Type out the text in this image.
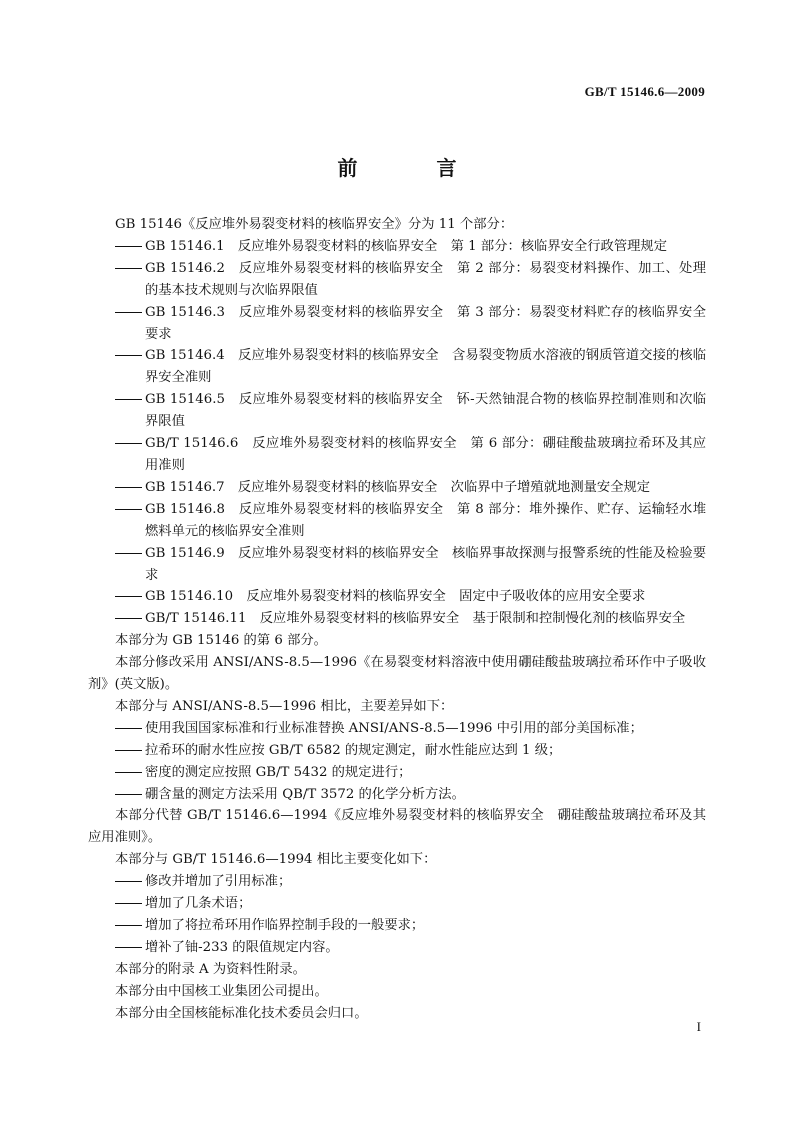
GB/T 15146.6—2009
前 言

GB 15146《反应堆外易裂变材料的核临界安全》分为 11 个部分：

GB 15146.1　反应堆外易裂变材料的核临界安全　第 1 部分：核临界安全行政管理规定

GB 15146.2　反应堆外易裂变材料的核临界安全　第 2 部分：易裂变材料操作、加工、处理的基本技术规则与次临界限值

GB 15146.3　反应堆外易裂变材料的核临界安全　第 3 部分：易裂变材料贮存的核临界安全要求

GB 15146.4　反应堆外易裂变材料的核临界安全　含易裂变物质水溶液的钢质管道交接的核临界安全准则

GB 15146.5　反应堆外易裂变材料的核临界安全　钚-天然铀混合物的核临界控制准则和次临界限值

GB/T 15146.6　反应堆外易裂变材料的核临界安全　第 6 部分：硼硅酸盐玻璃拉希环及其应用准则

GB 15146.7　反应堆外易裂变材料的核临界安全　次临界中子增殖就地测量安全规定

GB 15146.8　反应堆外易裂变材料的核临界安全　第 8 部分：堆外操作、贮存、运输轻水堆燃料单元的核临界安全准则

GB 15146.9　反应堆外易裂变材料的核临界安全　核临界事故探测与报警系统的性能及检验要求

GB 15146.10　反应堆外易裂变材料的核临界安全　固定中子吸收体的应用安全要求

GB/T 15146.11　反应堆外易裂变材料的核临界安全　基于限制和控制慢化剂的核临界安全

本部分为 GB 15146 的第 6 部分。

本部分修改采用 ANSI/ANS-8.5—1996《在易裂变材料溶液中使用硼硅酸盐玻璃拉希环作中子吸收剂》(英文版)。

本部分与 ANSI/ANS-8.5—1996 相比，主要差异如下：

使用我国国家标准和行业标准替换 ANSI/ANS-8.5—1996 中引用的部分美国标准；

拉希环的耐水性应按 GB/T 6582 的规定测定，耐水性能应达到 1 级；

密度的测定应按照 GB/T 5432 的规定进行；

硼含量的测定方法采用 QB/T 3572 的化学分析方法。

本部分代替 GB/T 15146.6—1994《反应堆外易裂变材料的核临界安全　硼硅酸盐玻璃拉希环及其应用准则》。

本部分与 GB/T 15146.6—1994 相比主要变化如下：

修改并增加了引用标准；

增加了几条术语；

增加了将拉希环用作临界控制手段的一般要求；

增补了铀-233 的限值规定内容。

本部分的附录 A 为资料性附录。

本部分由中国核工业集团公司提出。

本部分由全国核能标准化技术委员会归口。

I
